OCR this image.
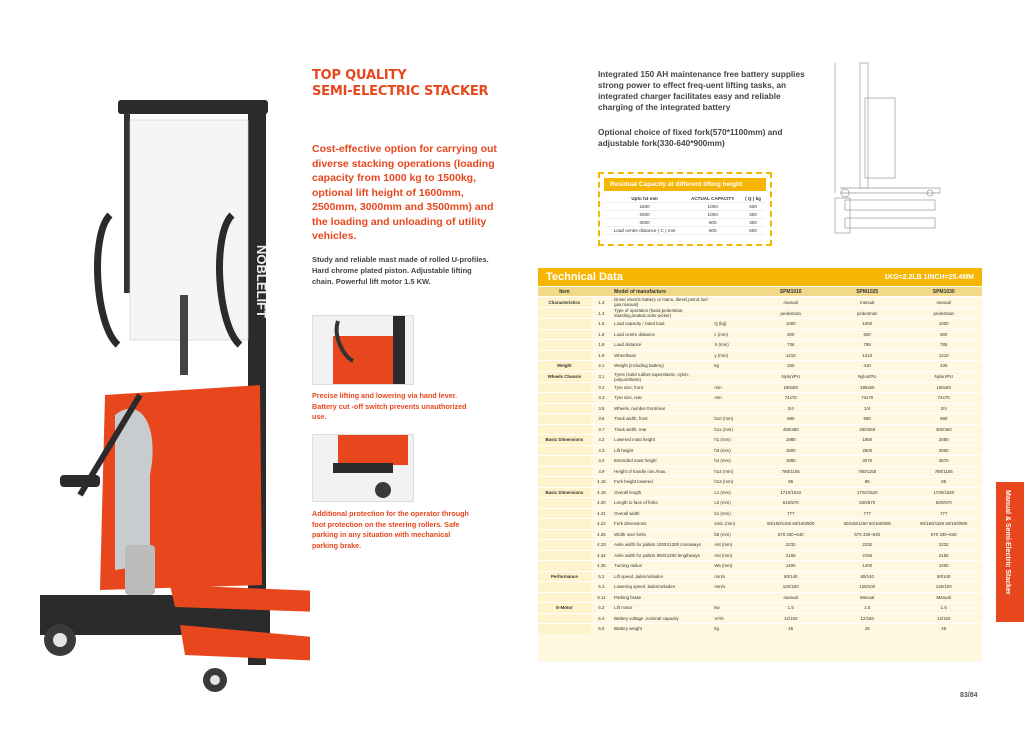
NOBLELIFT
TOP QUALITY
SEMI-ELECTRIC STACKER
Cost-effective option for carrying out diverse stacking operations (loading capacity from 1000 kg to 1500kg, optional lift height of 1600mm, 2500mm, 3000mm and 3500mm) and the loading and unloading of utility vehicles.
Study and reliable mast made of rolled U-profiles. Hard chrome plated piston. Adjustable lifting chain. Powerful lift motor 1.5 KW.
Precise lifting and lowering via hand lever. Battery cut -off switch prevents unauthorized use.
Additional protection for the operator through foot protection on the steering rollers. Safe parking in any situation with mechanical parking brake.
Integrated 150 AH maintenance free battery supplies strong power to effect freq-uent lifting tasks, an integrated charger facilitates easy and reliable charging of the integrated battery
Optional choice of fixed fork(570*1100mm) and adjustable fork(330-640*900mm)
Residual Capacity at different lifting height
Upto h3 mm	ACTUAL CAPACITY	( Q ) kg
1600	1000	500
2500	1000	400
3000	600	300
Load centre distance ( C ) mm	600	600
Technical Data	1KG=2.2LB 1INCH=25.4MM
Item		Model of manufacture		SPM1016	SPM1025	SPM1030
Characteristics	1.3	Drive( electric-battery or manu. diesel,petrol,fuel gas,manual)		manual	manual	manual
	1.4	Type of operation (hand,pedestrian, standing,seated,order-picker)		pedestrian	pedestrian	pedestrian
	1.5	Load capacity / rated load	Q (kg)	1000	1000	1000
	1.6	Load centre distance	c (mm)	600	600	600
	1.8	Load distance	X (mm)	736	785	785
	1.9	Wheelbase	y (mm)	1210	1210	1210
Weight	2.1	Weight (including battery)	kg	330	410	430
Wheels Chassis	3.1	Tyres (solid rubber,superelastic, nylon, polyurethane)		Nylon/PU	Nylon/PU	Nylon/PU
	3.2	Tyre size, front	mm	180x50	180x50	180x50
	3.3	Tyre size, rear	mm	74x70	74x70	74x70
	3.5	Wheels, number front/rear		2/4	2/4	2/4
	3.6	Track width, front	b10 (mm)	680	680	680
	3.7	Track width, rear	b11 (mm)	400/460	400/460	400/460
Basic Dimensions	4.2	Lowered mast height	h1 (mm)	1980	1850	2080
	4.3	Lift height	h3 (mm)	1600	2500	3000
	4.4	Extended mast height	h4 (mm)	1980	3070	3570
	4.9	Height of handle min./max.	h14 (mm)	780/1155	780/1155	780/1155
	4.15	Fork height lowered	h13 (mm)	85	85	85
Basic Dimensions	4.19	Overall length	L1 (mm)	1710/1510	1720/1520	1720/1520
	4.20	Length to face of forks	L2 (mm)	610/570	620/670	620/670
	4.21	Overall width	b1 (mm)	777	777	777
	4.22	Fork dimensions	s/e/L (mm)	60/160/1150 60/160/900	60/160/1150 60/160/900	60/160/1150 60/160/900
	4.25	Width over forks	b5 (mm)	570 330~640	570 330~640	570 330~640
	4.33	Aisle width for pallets 1000X1200 crossways	Ast (mm)	2232	2232	2232
	4.34	Aisle width for pallets 800X1200 lengthways	Ast (mm)	2155	2155	2155
	4.35	Turning radius	Wa (mm)	1400	1400	1400
Performance	5.2	Lift speed ,laden/unladen	mm/s	50/140	80/140	80/140
	5.3	Lowering speed ,laden/unladen	mm/s	120/100	125/100	125/100
	5.11	Parking brake		manual	Manual	Manual
E-Motor	6.2	Lift motor	kw	1.5	1.5	1.5
	6.4	Battery voltage ,nominal capacity	V/Ah	12/150	12/150	12/150
	6.5	Battery weight	kg	45	45	45
Manual & Semi-Electric Stacker
83/84
